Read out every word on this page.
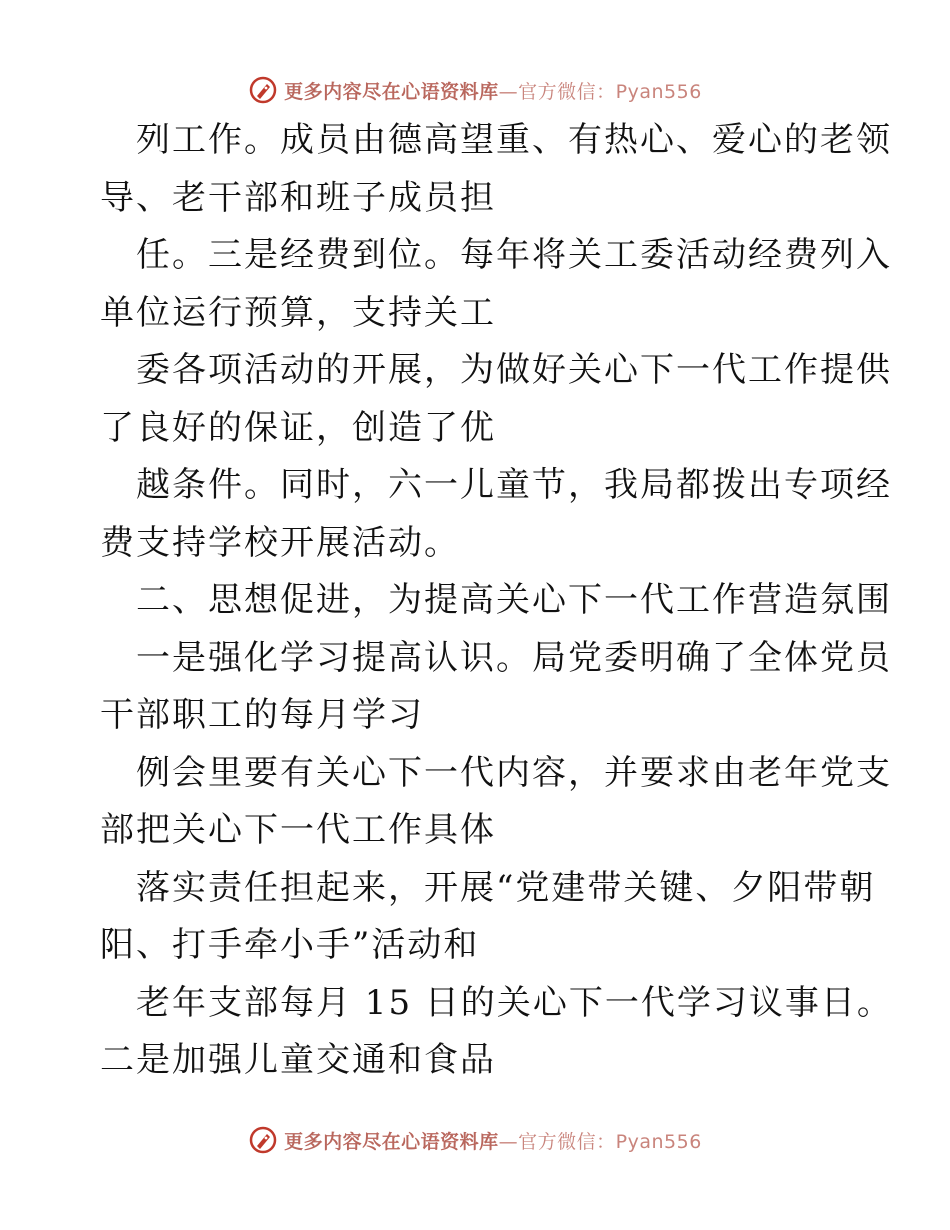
更多内容尽在心语资料库—官方微信：Pyan556
列工作。成员由德高望重、有热心、爱心的老领
导、老干部和班子成员担
任。三是经费到位。每年将关工委活动经费列入
单位运行预算，支持关工
委各项活动的开展，为做好关心下一代工作提供
了良好的保证，创造了优
越条件。同时，六一儿童节，我局都拨出专项经
费支持学校开展活动。
二、思想促进，为提高关心下一代工作营造氛围
一是强化学习提高认识。局党委明确了全体党员
干部职工的每月学习
例会里要有关心下一代内容，并要求由老年党支
部把关心下一代工作具体
落实责任担起来，开展“党建带关键、夕阳带朝
阳、打手牵小手”活动和
老年支部每月 15 日的关心下一代学习议事日。
二是加强儿童交通和食品
更多内容尽在心语资料库—官方微信：Pyan556
